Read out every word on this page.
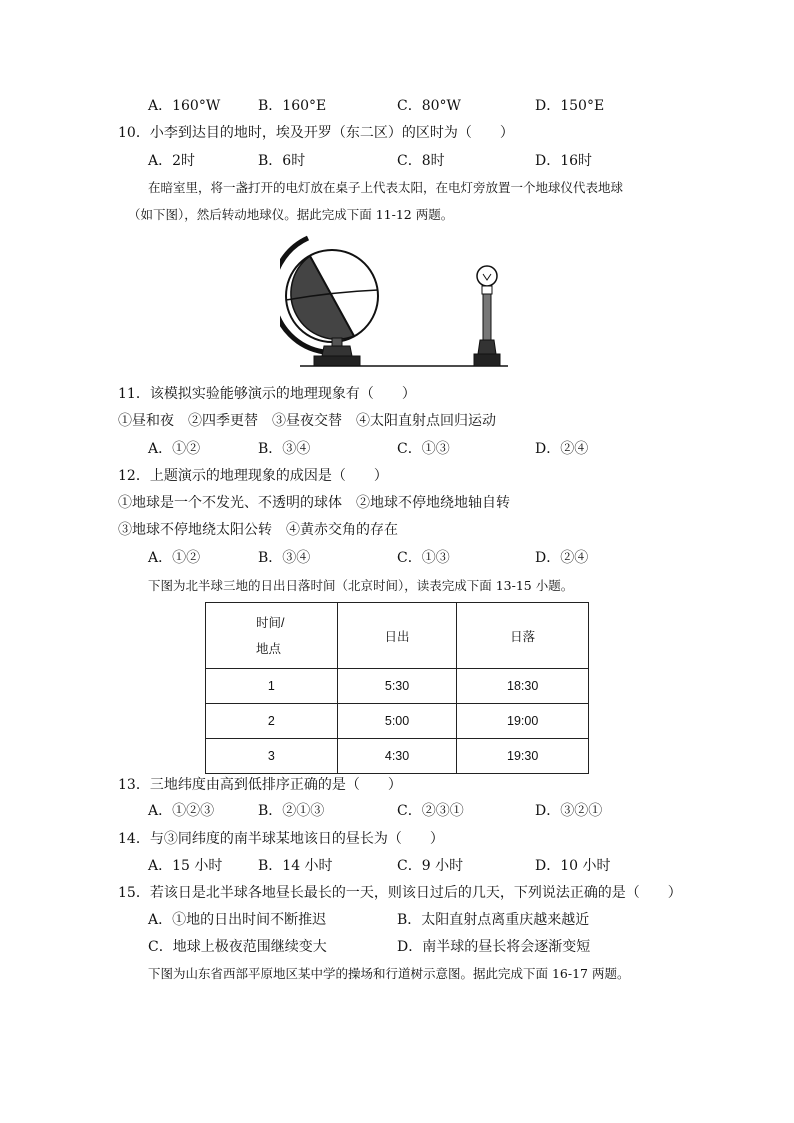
A．160°W	B．160°E	C．80°W	D．150°E
10．小李到达目的地时，埃及开罗（东二区）的区时为（　　）
A．2时	B．6时	C．8时	D．16时
在暗室里，将一盏打开的电灯放在桌子上代表太阳，在电灯旁放置一个地球仪代表地球
（如下图），然后转动地球仪。据此完成下面 11-12 两题。
11．该模拟实验能够演示的地理现象有（　　）
①昼和夜　②四季更替　③昼夜交替　④太阳直射点回归运动
A．①②	B．③④	C．①③	D．②④
12．上题演示的地理现象的成因是（　　）
①地球是一个不发光、不透明的球体　②地球不停地绕地轴自转
③地球不停地绕太阳公转　④黄赤交角的存在
A．①②	B．③④	C．①③	D．②④
下图为北半球三地的日出日落时间（北京时间），读表完成下面 13-15 小题。
时间/
地点	日出	日落
1	5:30	18:30
2	5:00	19:00
3	4:30	19:30
13．三地纬度由高到低排序正确的是（　　）
A．①②③	B．②①③	C．②③①	D．③②①
14．与③同纬度的南半球某地该日的昼长为（　　）
A．15 小时	B．14 小时	C．9 小时	D．10 小时
15．若该日是北半球各地昼长最长的一天，则该日过后的几天，下列说法正确的是（　　）
A．①地的日出时间不断推迟	B．太阳直射点离重庆越来越近
C．地球上极夜范围继续变大	D．南半球的昼长将会逐渐变短
下图为山东省西部平原地区某中学的操场和行道树示意图。据此完成下面 16-17 两题。
